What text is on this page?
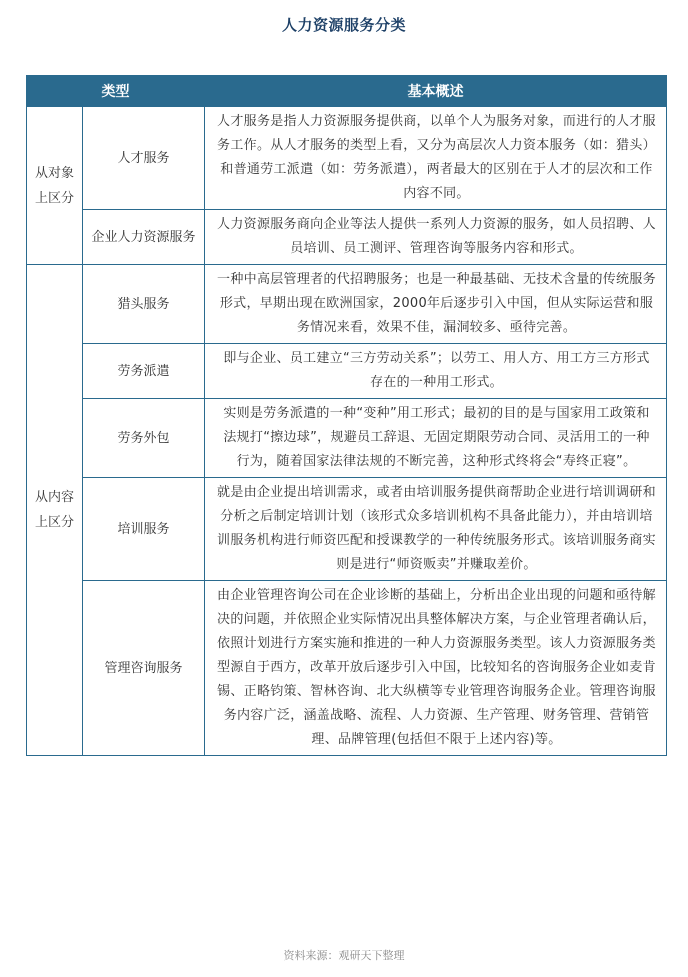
人力资源服务分类
类型		基本概述
从对象上区分	人才服务	人才服务是指人力资源服务提供商，以单个人为服务对象，而进行的人才服务工作。从人才服务的类型上看，又分为高层次人力资本服务（如：猎头）和普通劳工派遣（如：劳务派遣），两者最大的区别在于人才的层次和工作内容不同。
	企业人力资源服务	人力资源服务商向企业等法人提供一系列人力资源的服务，如人员招聘、人员培训、员工测评、管理咨询等服务内容和形式。
从内容上区分	猎头服务	一种中高层管理者的代招聘服务；也是一种最基础、无技术含量的传统服务形式，早期出现在欧洲国家，2000年后逐步引入中国，但从实际运营和服务情况来看，效果不佳，漏洞较多、亟待完善。
	劳务派遣	即与企业、员工建立“三方劳动关系”；以劳工、用人方、用工方三方形式存在的一种用工形式。
	劳务外包	实则是劳务派遣的一种“变种”用工形式；最初的目的是与国家用工政策和法规打“擦边球”，规避员工辞退、无固定期限劳动合同、灵活用工的一种行为，随着国家法律法规的不断完善，这种形式终将会“寿终正寝”。
	培训服务	就是由企业提出培训需求，或者由培训服务提供商帮助企业进行培训调研和分析之后制定培训计划（该形式众多培训机构不具备此能力），并由培训培训服务机构进行师资匹配和授课教学的一种传统服务形式。该培训服务商实则是进行“师资贩卖”并赚取差价。
	管理咨询服务	由企业管理咨询公司在企业诊断的基础上，分析出企业出现的问题和亟待解决的问题，并依照企业实际情况出具整体解决方案，与企业管理者确认后，依照计划进行方案实施和推进的一种人力资源服务类型。该人力资源服务类型源自于西方，改革开放后逐步引入中国，比较知名的咨询服务企业如麦肯锡、正略钧策、智林咨询、北大纵横等专业管理咨询服务企业。管理咨询服务内容广泛，涵盖战略、流程、人力资源、生产管理、财务管理、营销管理、品牌管理(包括但不限于上述内容)等。
资料来源：观研天下整理
